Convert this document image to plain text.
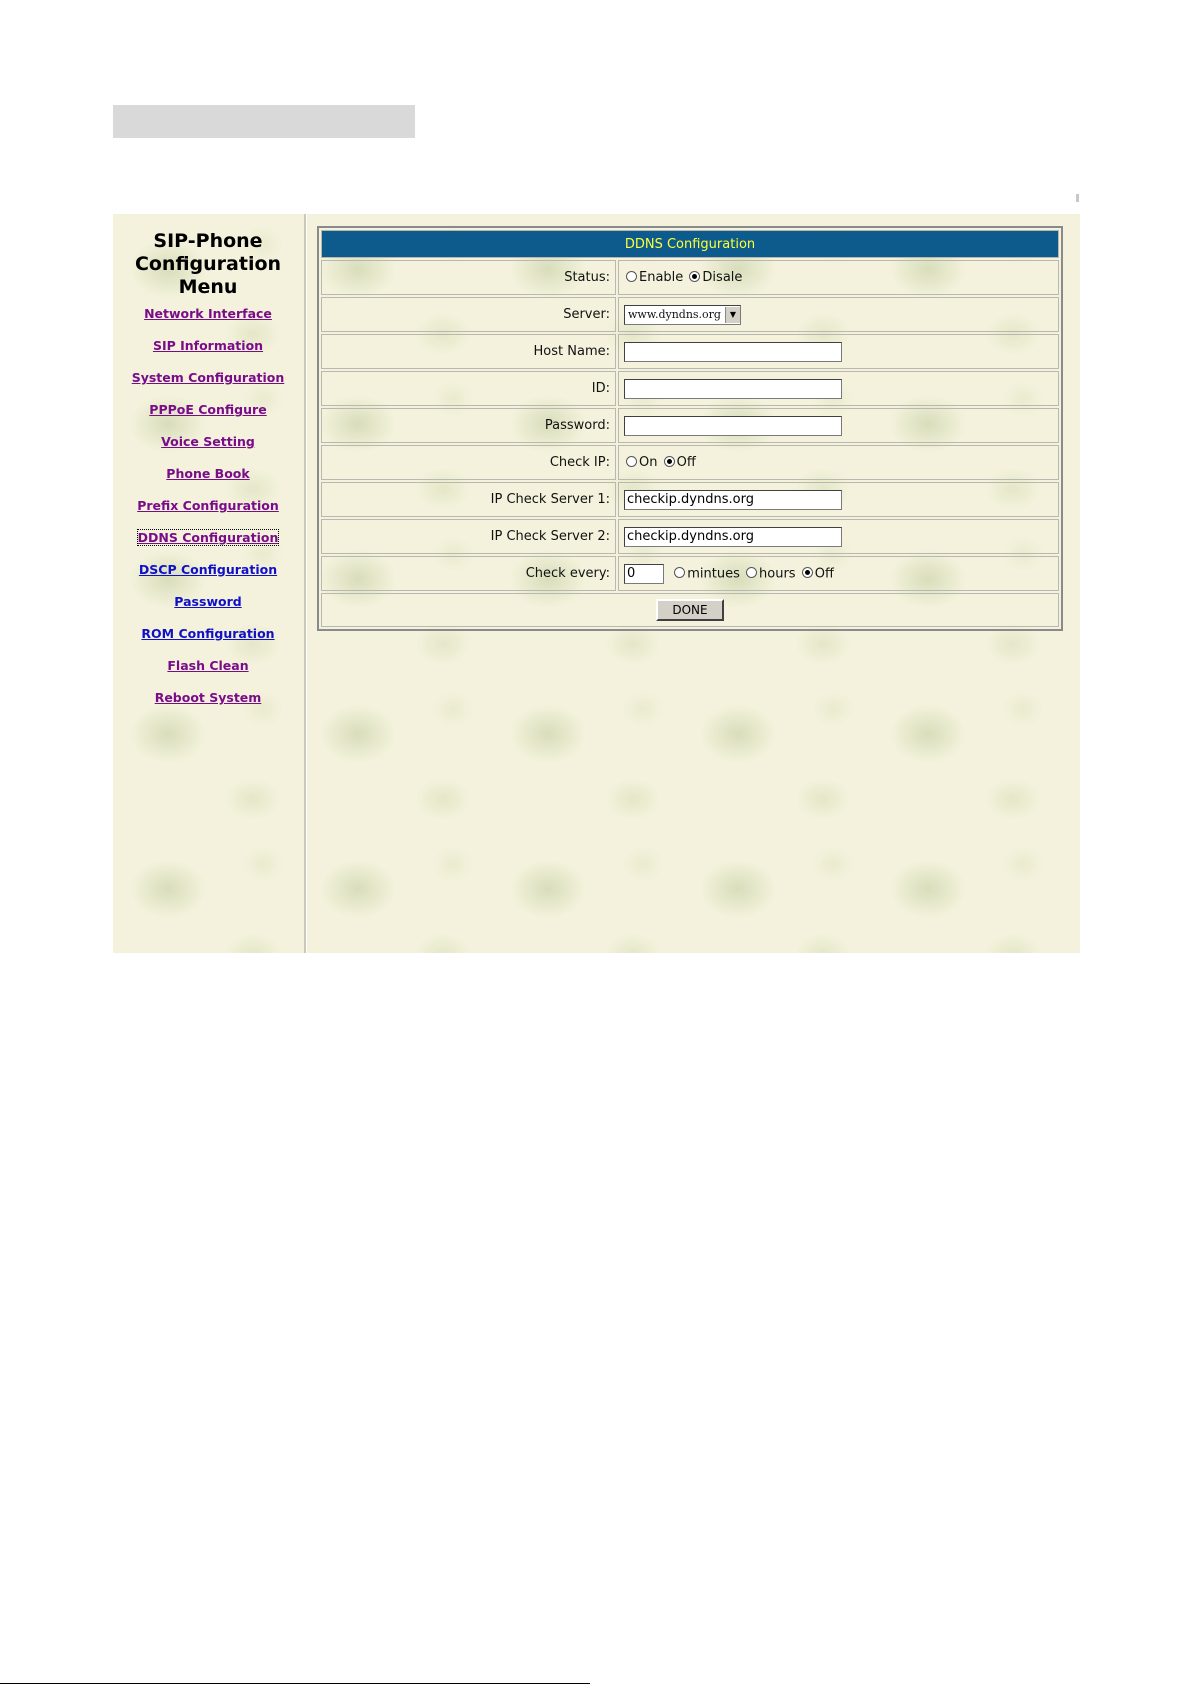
SIP-Phone
Configuration
Menu
Network Interface
SIP Information
System Configuration
PPPoE Configure
Voice Setting
Phone Book
Prefix Configuration
DDNS Configuration
DSCP Configuration
Password
ROM Configuration
Flash Clean
Reboot System
DDNS Configuration	
Status:	Enable Disale
Server:	www.dyndns.org ▼

Host Name:	
ID:	
Password:	
Check IP:	On Off
IP Check Server 1:	checkip.dyndns.org
IP Check Server 2:	checkip.dyndns.org
Check every:	0 mintues hours Off
DONE	
